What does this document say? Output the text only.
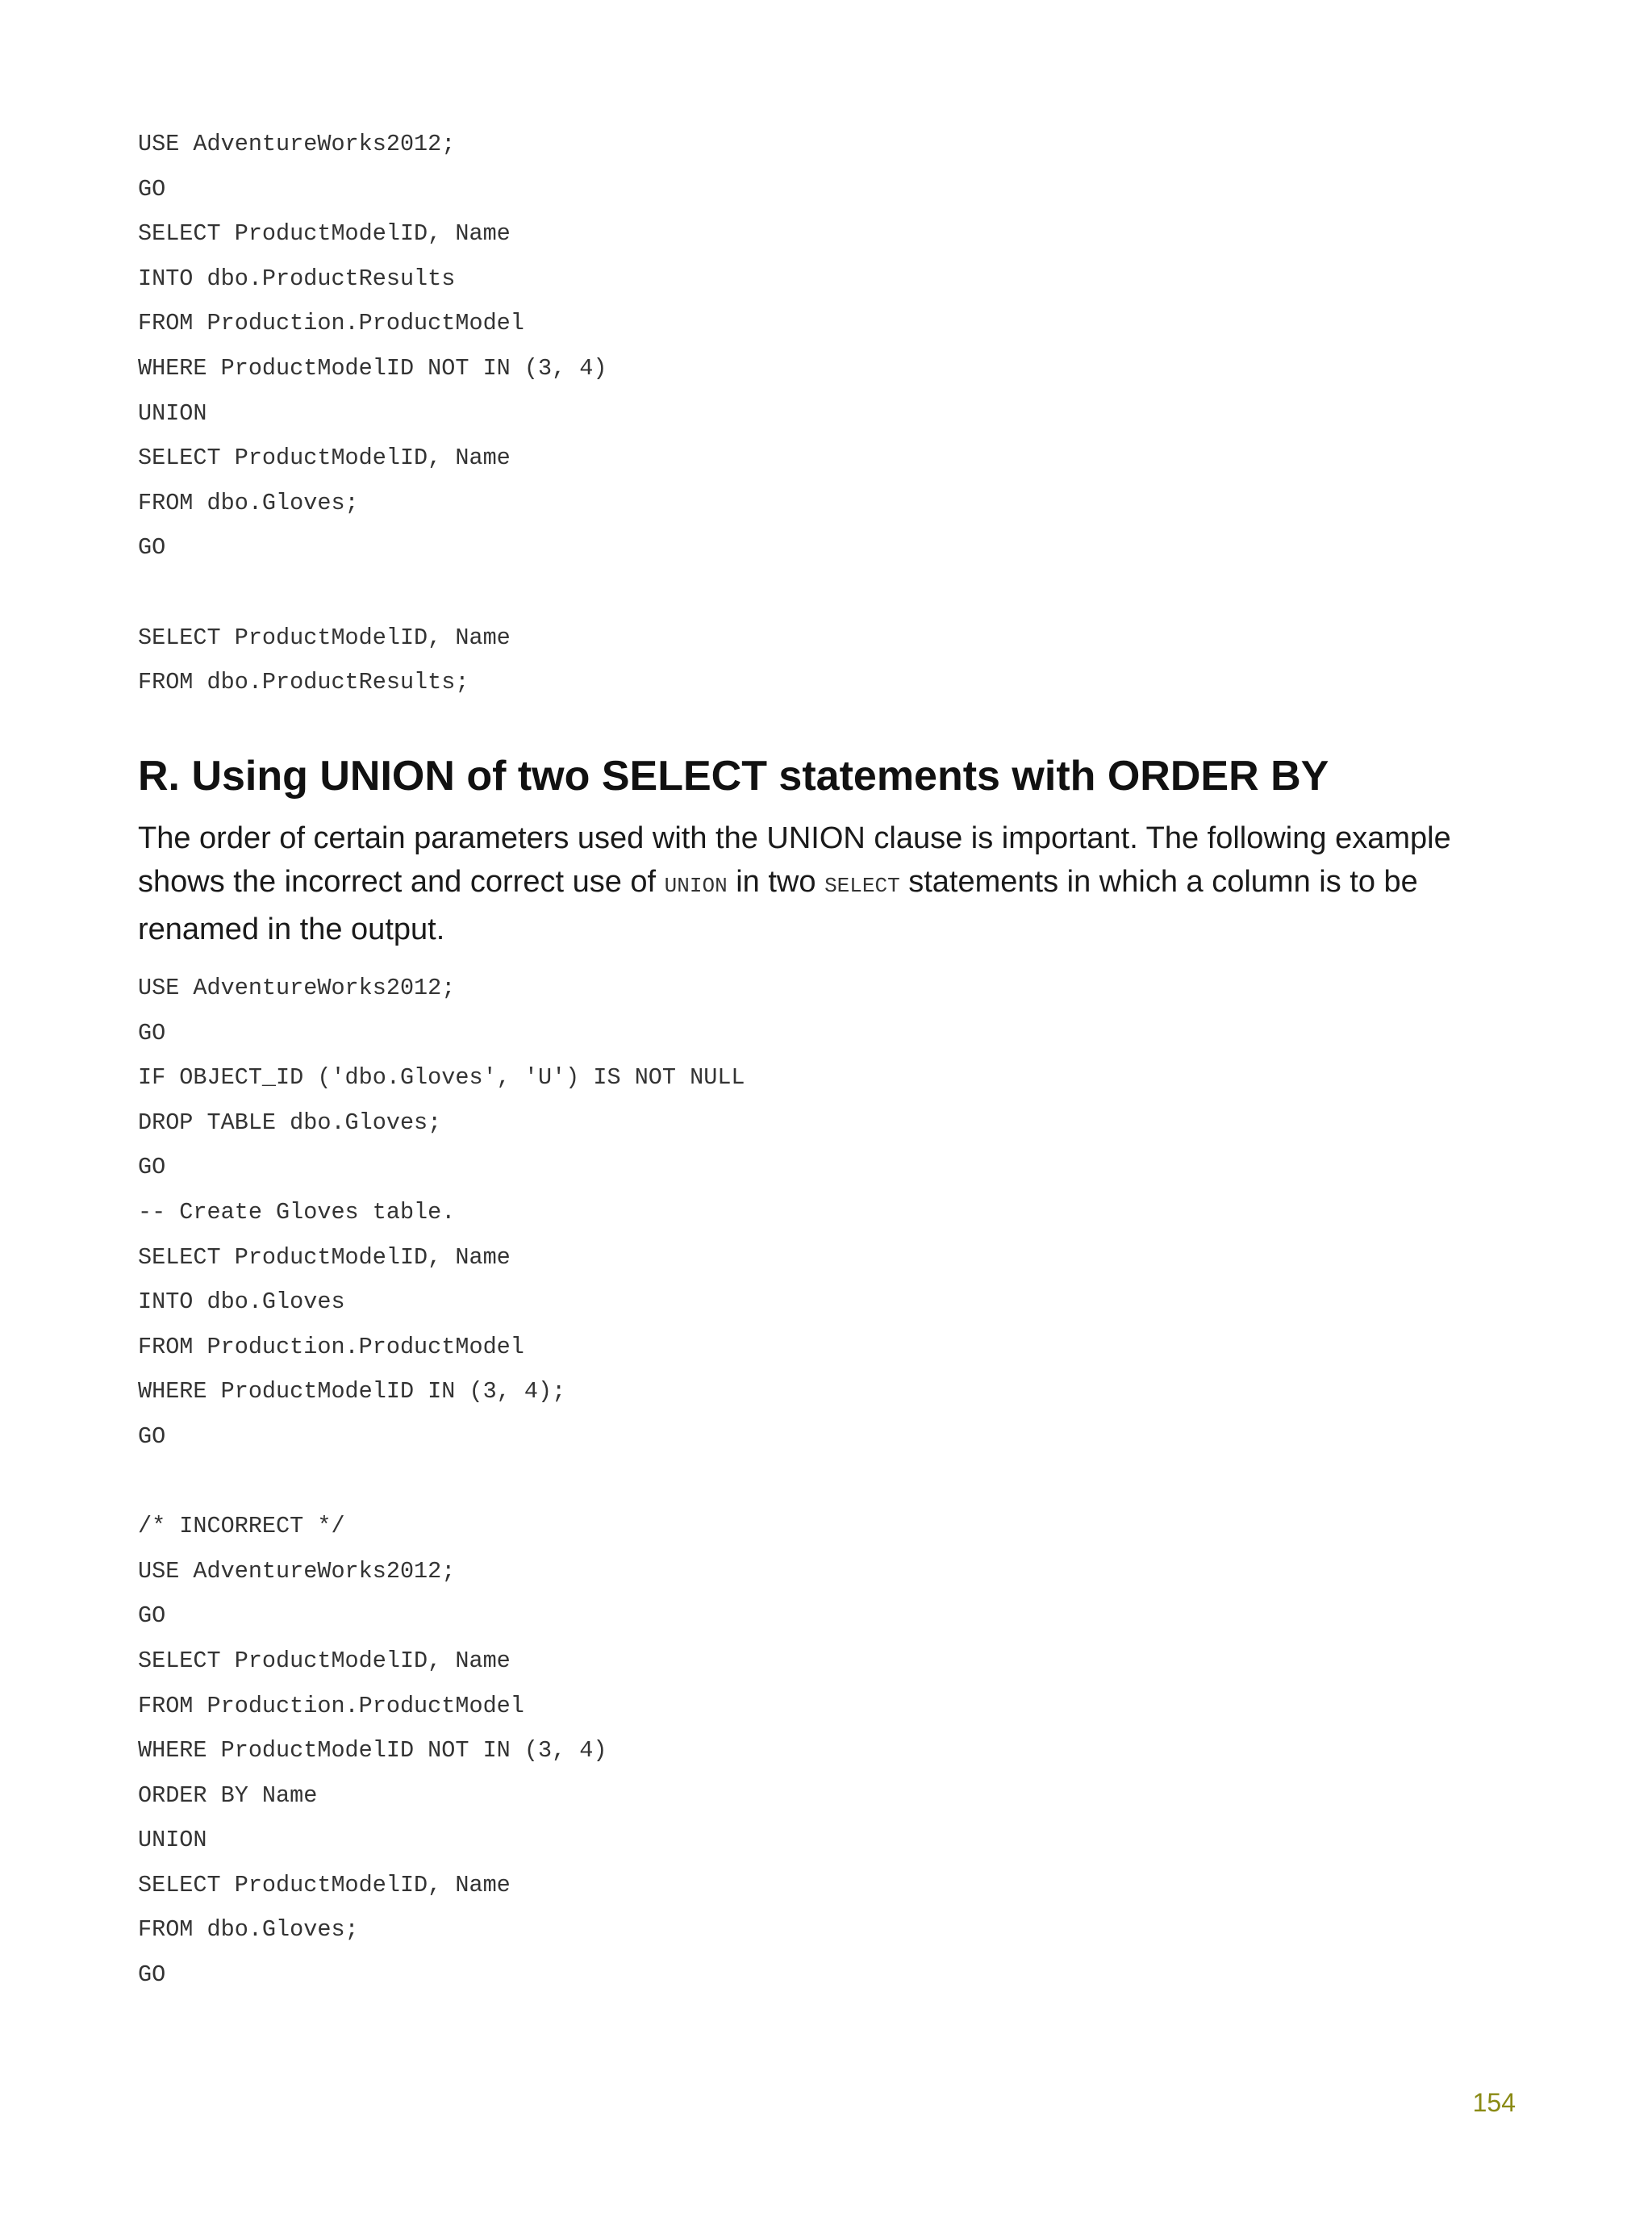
USE AdventureWorks2012;
GO
SELECT ProductModelID, Name
INTO dbo.ProductResults
FROM Production.ProductModel
WHERE ProductModelID NOT IN (3, 4)
UNION
SELECT ProductModelID, Name
FROM dbo.Gloves;
GO
SELECT ProductModelID, Name
FROM dbo.ProductResults;
R. Using UNION of two SELECT statements with ORDER BY

The order of certain parameters used with the UNION clause is important. The following example shows the incorrect and correct use of UNION in two SELECT statements in which a column is to be renamed in the output.

USE AdventureWorks2012;
GO
IF OBJECT_ID ('dbo.Gloves', 'U') IS NOT NULL
DROP TABLE dbo.Gloves;
GO
-- Create Gloves table.
SELECT ProductModelID, Name
INTO dbo.Gloves
FROM Production.ProductModel
WHERE ProductModelID IN (3, 4);
GO
/* INCORRECT */
USE AdventureWorks2012;
GO
SELECT ProductModelID, Name
FROM Production.ProductModel
WHERE ProductModelID NOT IN (3, 4)
ORDER BY Name
UNION
SELECT ProductModelID, Name
FROM dbo.Gloves;
GO
154
